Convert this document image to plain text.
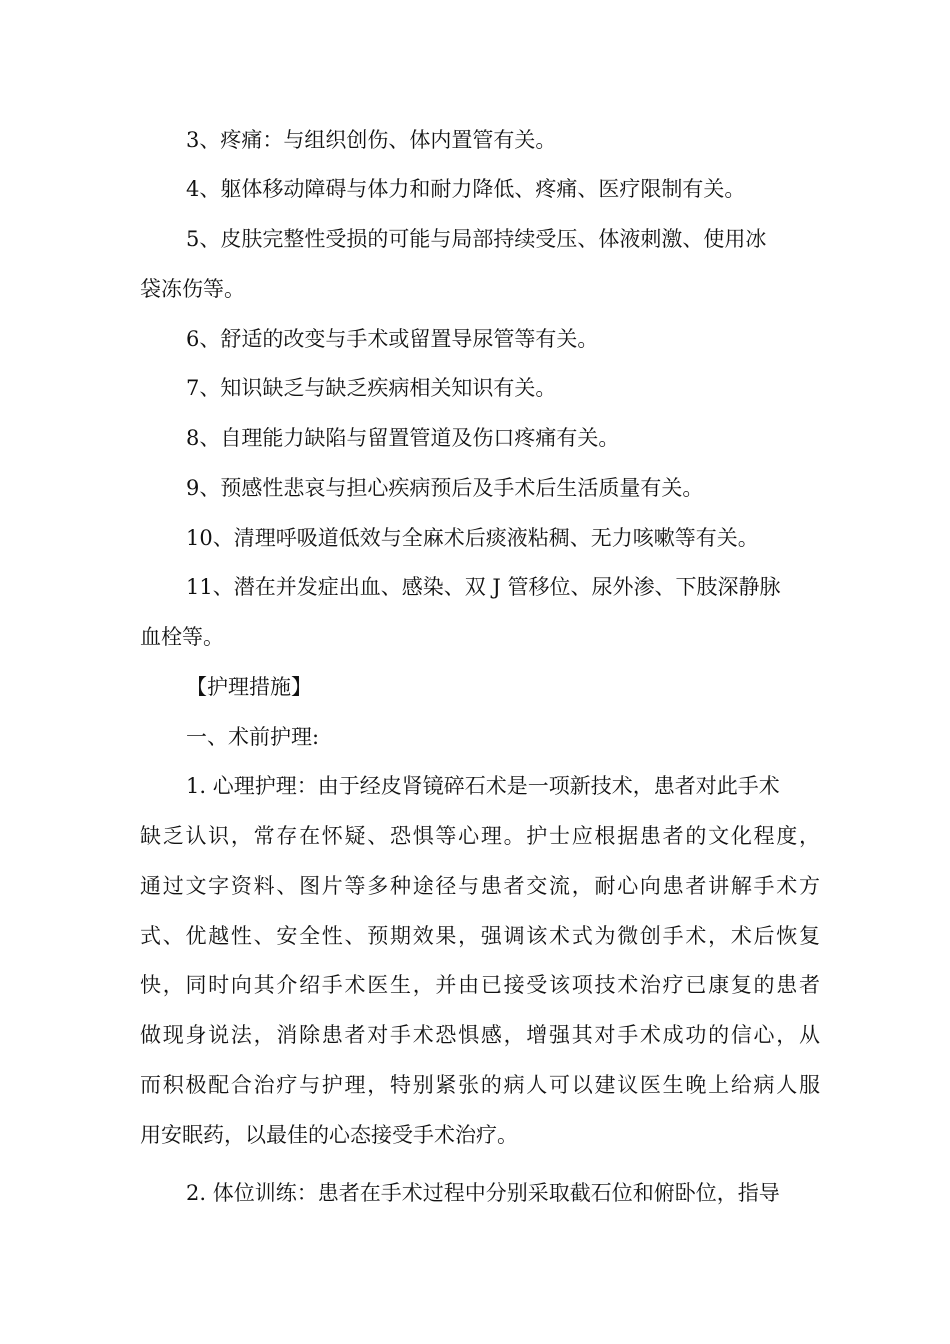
3、疼痛：与组织创伤、体内置管有关。
4、躯体移动障碍与体力和耐力降低、疼痛、医疗限制有关。
5、皮肤完整性受损的可能与局部持续受压、体液刺激、使用冰
袋冻伤等。
6、舒适的改变与手术或留置导尿管等有关。
7、知识缺乏与缺乏疾病相关知识有关。
8、自理能力缺陷与留置管道及伤口疼痛有关。
9、预感性悲哀与担心疾病预后及手术后生活质量有关。
10、清理呼吸道低效与全麻术后痰液粘稠、无力咳嗽等有关。
11、潜在并发症出血、感染、双 J 管移位、尿外渗、下肢深静脉
血栓等。
【护理措施】
一、术前护理:
1. 心理护理：由于经皮肾镜碎石术是一项新技术，患者对此手术
缺乏认识，常存在怀疑、恐惧等心理。护士应根据患者的文化程度，
通过文字资料、图片等多种途径与患者交流，耐心向患者讲解手术方
式、优越性、安全性、预期效果，强调该术式为微创手术，术后恢复
快，同时向其介绍手术医生，并由已接受该项技术治疗已康复的患者
做现身说法，消除患者对手术恐惧感，增强其对手术成功的信心，从
而积极配合治疗与护理，特别紧张的病人可以建议医生晚上给病人服
用安眠药，以最佳的心态接受手术治疗。
2. 体位训练：患者在手术过程中分别采取截石位和俯卧位，指导
